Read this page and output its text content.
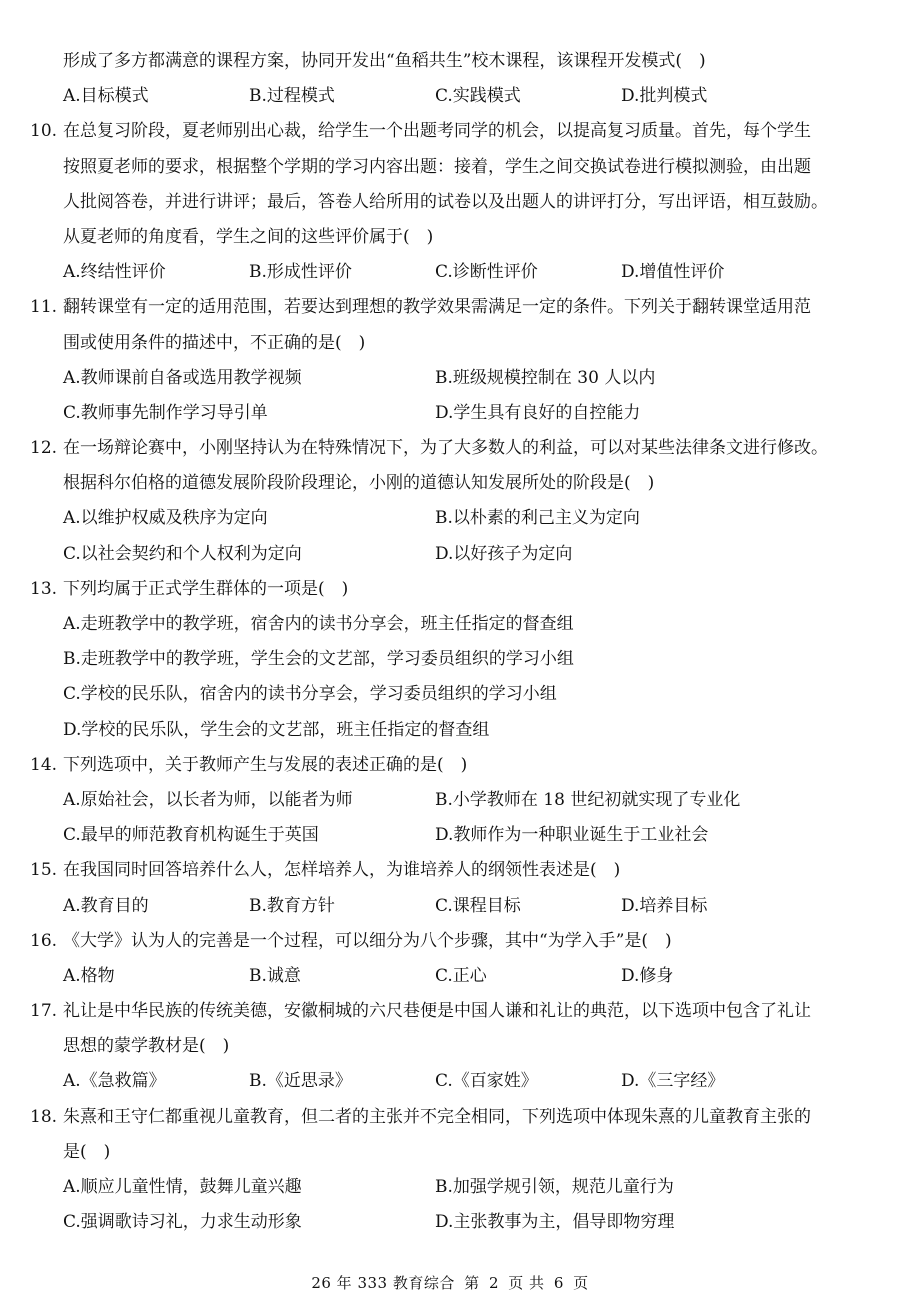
形成了多方都满意的课程方案，协同开发出“鱼稻共生”校木课程，该课程开发模式(　)
A.目标模式	B.过程模式	C.实践模式	D.批判模式
10. 在总复习阶段，夏老师别出心裁，给学生一个出题考同学的机会，以提高复习质量。首先，每个学生
按照夏老师的要求，根据整个学期的学习内容出题：接着，学生之间交换试卷进行模拟测验，由出题
人批阅答卷，并进行讲评；最后，答卷人给所用的试卷以及出题人的讲评打分，写出评语，相互鼓励。
从夏老师的角度看，学生之间的这些评价属于(　)
A.终结性评价	B.形成性评价	C.诊断性评价	D.增值性评价
11. 翻转课堂有一定的适用范围，若要达到理想的教学效果需满足一定的条件。下列关于翻转课堂适用范
围或使用条件的描述中，不正确的是(　)
A.教师课前自备或选用教学视频	B.班级规模控制在 30 人以内
C.教师事先制作学习导引单	D.学生具有良好的自控能力
12. 在一场辩论赛中，小刚坚持认为在特殊情况下，为了大多数人的利益，可以对某些法律条文进行修改。
根据科尔伯格的道德发展阶段阶段理论，小刚的道德认知发展所处的阶段是(　)
A.以维护权威及秩序为定向	B.以朴素的利己主义为定向
C.以社会契约和个人权利为定向	D.以好孩子为定向
13. 下列均属于正式学生群体的一项是(　)
A.走班教学中的教学班，宿舍内的读书分享会，班主任指定的督查组
B.走班教学中的教学班，学生会的文艺部，学习委员组织的学习小组
C.学校的民乐队，宿舍内的读书分享会，学习委员组织的学习小组
D.学校的民乐队，学生会的文艺部，班主任指定的督查组
14. 下列选项中，关于教师产生与发展的表述正确的是(　)
A.原始社会，以长者为师，以能者为师	B.小学教师在 18 世纪初就实现了专业化
C.最早的师范教育机构诞生于英国	D.教师作为一种职业诞生于工业社会
15. 在我国同时回答培养什么人，怎样培养人，为谁培养人的纲领性表述是(　)
A.教育目的	B.教育方针	C.课程目标	D.培养目标
16. 《大学》认为人的完善是一个过程，可以细分为八个步骤，其中“为学入手”是(　)
A.格物	B.诚意	C.正心	D.修身
17. 礼让是中华民族的传统美德，安徽桐城的六尺巷便是中国人谦和礼让的典范，以下选项中包含了礼让
思想的蒙学教材是(　)
A.《急救篇》	B.《近思录》	C.《百家姓》	D.《三字经》
18. 朱熹和王守仁都重视儿童教育，但二者的主张并不完全相同，下列选项中体现朱熹的儿童教育主张的
是(　)
A.顺应儿童性情，鼓舞儿童兴趣	B.加强学规引领，规范儿童行为
C.强调歌诗习礼，力求生动形象	D.主张教事为主，倡导即物穷理
26 年 333 教育综合 第 2 页 共 6 页
